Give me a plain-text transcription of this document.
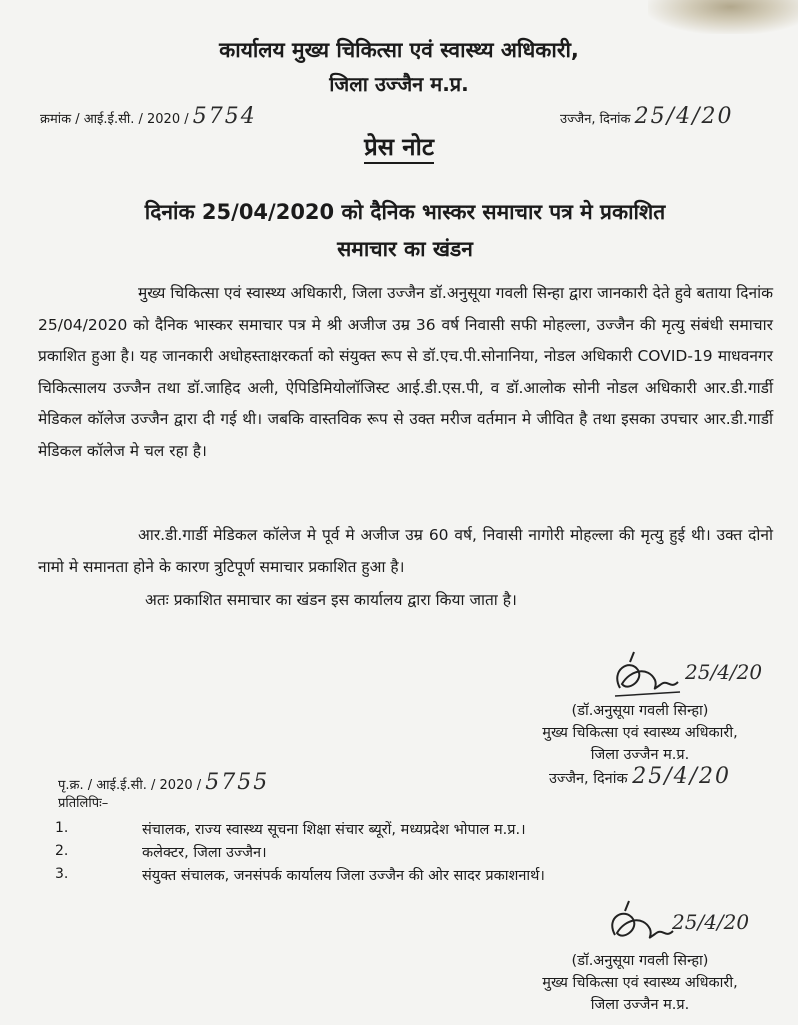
कार्यालय मुख्य चिकित्सा एवं स्वास्थ्य अधिकारी,
जिला उज्जैन म.प्र.
क्रमांक / आई.ई.सी. / 2020 / 5754	उज्जैन, दिनांक 25/4/20
प्रेस नोट
दिनांक 25/04/2020 को दैनिक भास्कर समाचार पत्र मे प्रकाशित
समाचार का खंडन
मुख्य चिकित्सा एवं स्वास्थ्य अधिकारी, जिला उज्जैन डॉ.अनुसूया गवली सिन्हा द्वारा जानकारी देते हुवे बताया दिनांक 25/04/2020 को दैनिक भास्कर समाचार पत्र मे श्री अजीज उम्र 36 वर्ष निवासी सफी मोहल्ला, उज्जैन की मृत्यु संबंधी समाचार प्रकाशित हुआ है। यह जानकारी अधोहस्ताक्षरकर्ता को संयुक्त रूप से डॉ.एच.पी.सोनानिया, नोडल अधिकारी COVID-19 माधवनगर चिकित्सालय उज्जैन तथा डॉ.जाहिद अली, ऐपिडिमियोलॉजिस्ट आई.डी.एस.पी, व डॉ.आलोक सोनी नोडल अधिकारी आर.डी.गार्डी मेडिकल कॉलेज उज्जैन द्वारा दी गई थी। जबकि वास्तविक रूप से उक्त मरीज वर्तमान मे जीवित है तथा इसका उपचार आर.डी.गार्डी मेडिकल कॉलेज मे चल रहा है।
आर.डी.गार्डी मेडिकल कॉलेज मे पूर्व मे अजीज उम्र 60 वर्ष, निवासी नागोरी मोहल्ला की मृत्यु हुई थी। उक्त दोनो नामो मे समानता होने के कारण त्रुटिपूर्ण समाचार प्रकाशित हुआ है।
अतः प्रकाशित समाचार का खंडन इस कार्यालय द्वारा किया जाता है।
25/4/20
(डॉ.अनुसूया गवली सिन्हा)
मुख्य चिकित्सा एवं स्वास्थ्य अधिकारी,
जिला उज्जैन म.प्र.
उज्जैन, दिनांक 25/4/20
पृ.क्र. / आई.ई.सी. / 2020 / 5755
प्रतिलिपिः–
1.	संचालक, राज्य स्वास्थ्य सूचना शिक्षा संचार ब्यूरों, मध्यप्रदेश भोपाल म.प्र.।
2.	कलेक्टर, जिला उज्जैन।
3.	संयुक्त संचालक, जनसंपर्क कार्यालय जिला उज्जैन की ओर सादर प्रकाशनार्थ।
25/4/20
(डॉ.अनुसूया गवली सिन्हा)
मुख्य चिकित्सा एवं स्वास्थ्य अधिकारी,
जिला उज्जैन म.प्र.
